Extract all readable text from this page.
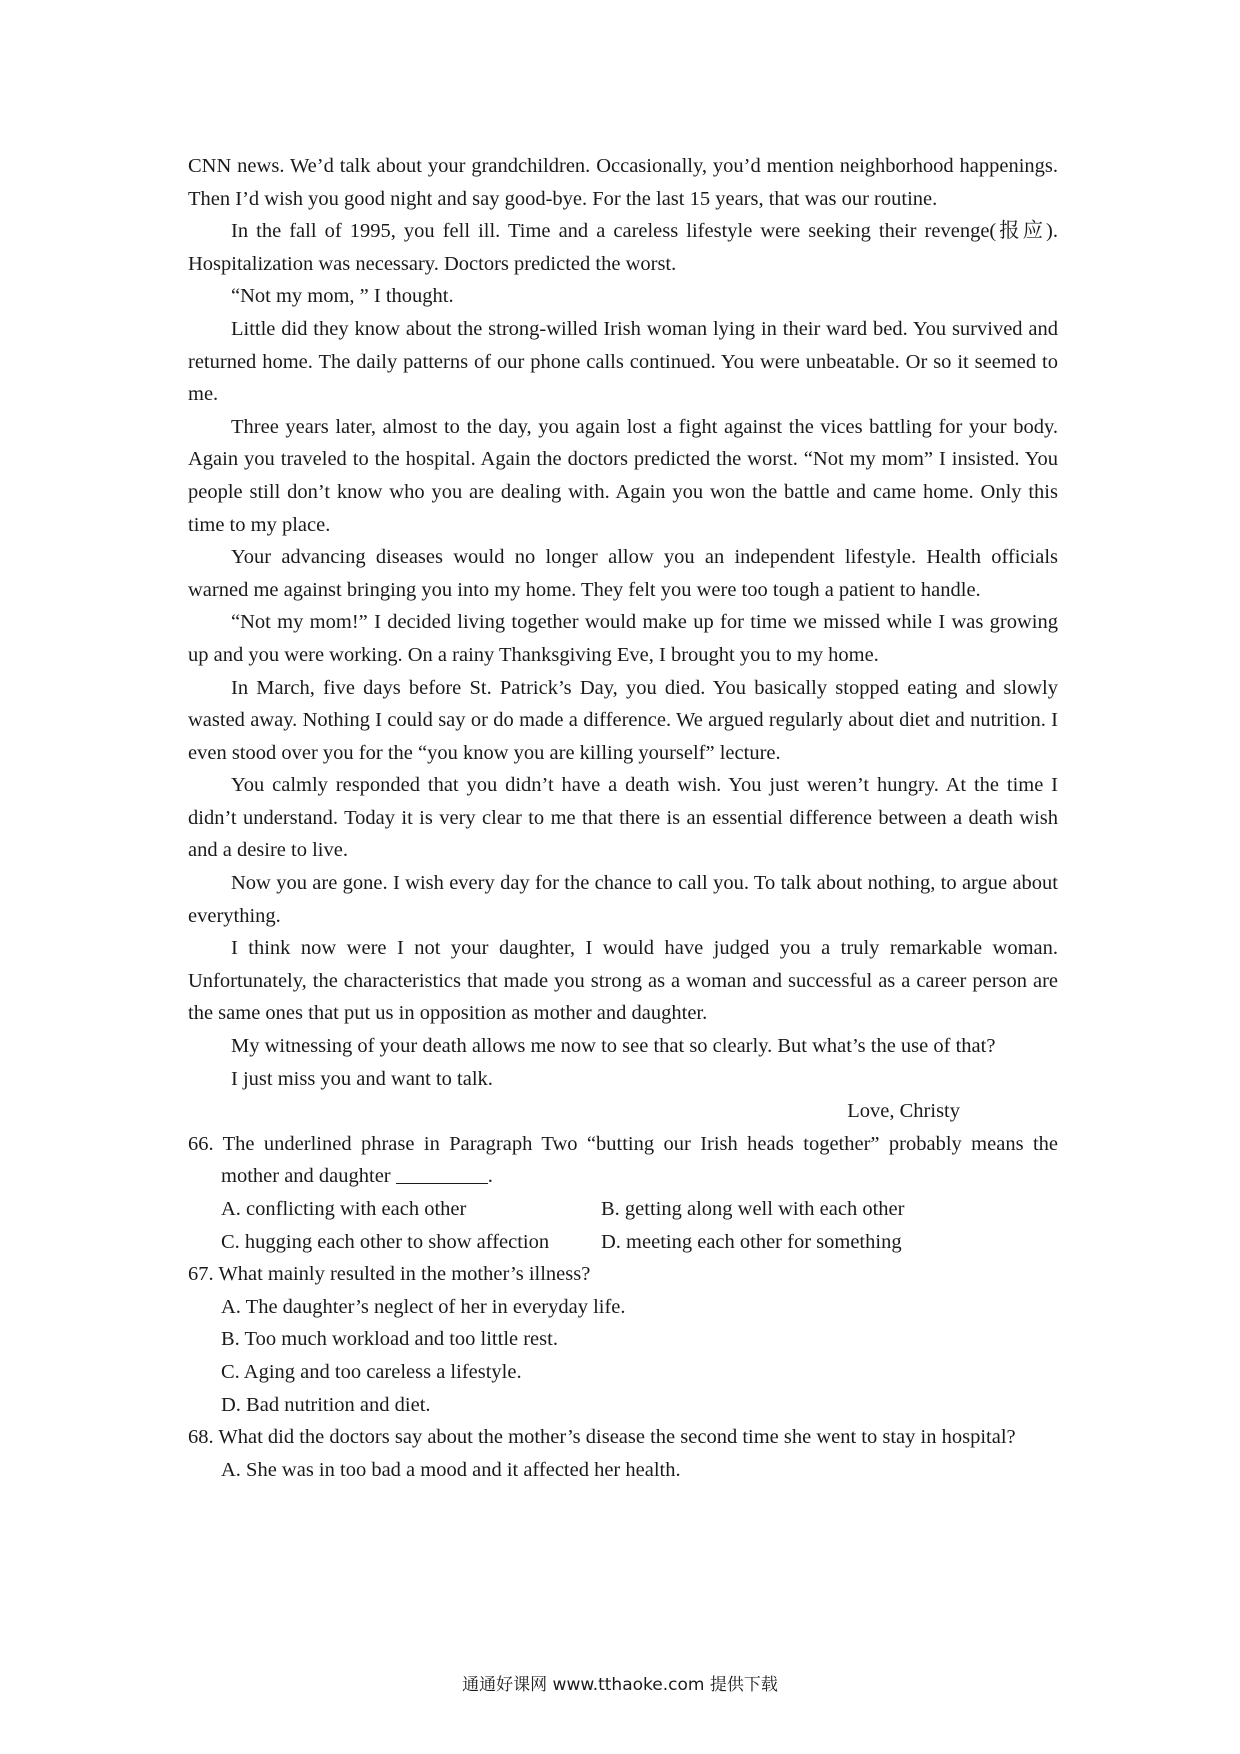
CNN news. We’d talk about your grandchildren. Occasionally, you’d mention neighborhood happenings. Then I’d wish you good night and say good-bye. For the last 15 years, that was our routine.

In the fall of 1995, you fell ill. Time and a careless lifestyle were seeking their revenge(报应). Hospitalization was necessary. Doctors predicted the worst.

“Not my mom, ” I thought.

Little did they know about the strong-willed Irish woman lying in their ward bed. You survived and returned home. The daily patterns of our phone calls continued. You were unbeatable. Or so it seemed to me.

Three years later, almost to the day, you again lost a fight against the vices battling for your body. Again you traveled to the hospital. Again the doctors predicted the worst. “Not my mom” I insisted. You people still don’t know who you are dealing with. Again you won the battle and came home. Only this time to my place.

Your advancing diseases would no longer allow you an independent lifestyle. Health officials warned me against bringing you into my home. They felt you were too tough a patient to handle.

“Not my mom!” I decided living together would make up for time we missed while I was growing up and you were working. On a rainy Thanksgiving Eve, I brought you to my home.

In March, five days before St. Patrick’s Day, you died. You basically stopped eating and slowly wasted away. Nothing I could say or do made a difference. We argued regularly about diet and nutrition. I even stood over you for the “you know you are killing yourself” lecture.

You calmly responded that you didn’t have a death wish. You just weren’t hungry. At the time I didn’t understand. Today it is very clear to me that there is an essential difference between a death wish and a desire to live.

Now you are gone. I wish every day for the chance to call you. To talk about nothing, to argue about everything.

I think now were I not your daughter, I would have judged you a truly remarkable woman. Unfortunately, the characteristics that made you strong as a woman and successful as a career person are the same ones that put us in opposition as mother and daughter.

My witnessing of your death allows me now to see that so clearly. But what’s the use of that?

I just miss you and want to talk.

Love, Christy

66. The underlined phrase in Paragraph Two “butting our Irish heads together” probably means the mother and daughter	.

A. conflicting with each other	B. getting along well with each other
C. hugging each other to show affection	D. meeting each other for something

67. What mainly resulted in the mother’s illness?

A. The daughter’s neglect of her in everyday life.

B. Too much workload and too little rest.

C. Aging and too careless a lifestyle.

D. Bad nutrition and diet.

68. What did the doctors say about the mother’s disease the second time she went to stay in hospital?

A. She was in too bad a mood and it affected her health.

通通好课网 www.tthaoke.com 提供下载
